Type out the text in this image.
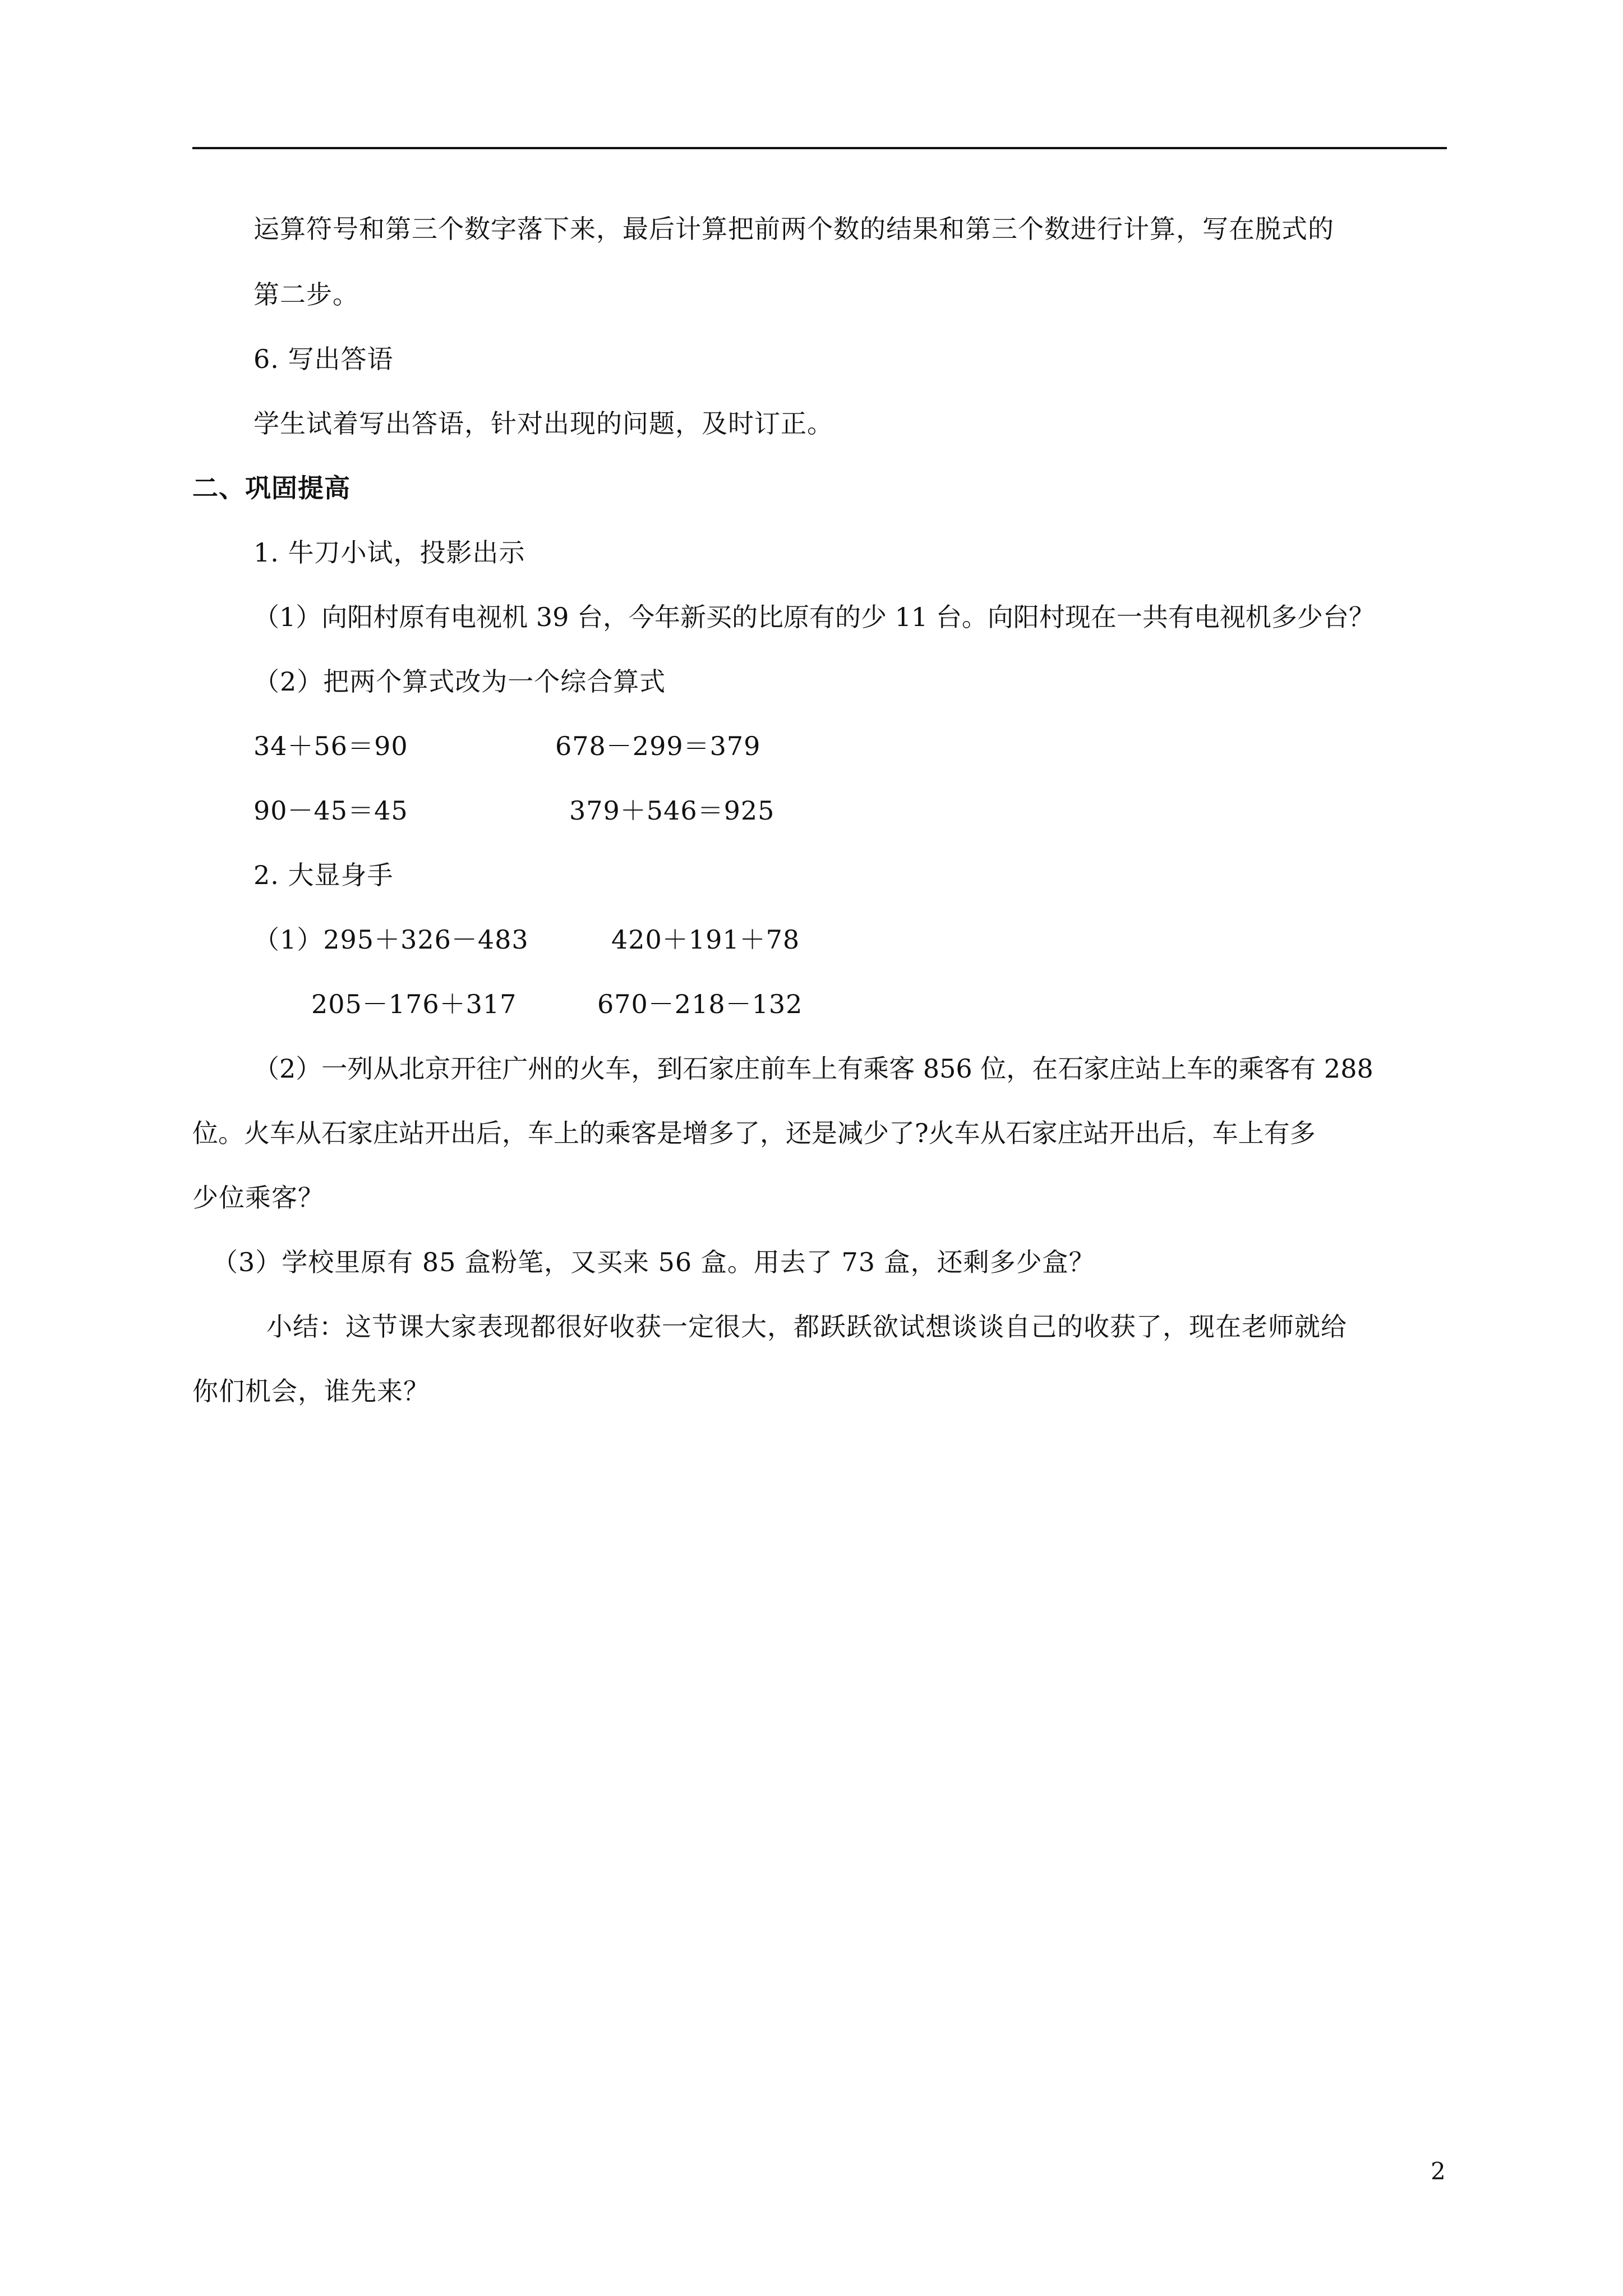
运算符号和第三个数字落下来，最后计算把前两个数的结果和第三个数进行计算，写在脱式的
第二步。
6. 写出答语
学生试着写出答语，针对出现的问题，及时订正。
二、巩固提高
1. 牛刀小试，投影出示
（1）向阳村原有电视机 39 台，今年新买的比原有的少 11 台。向阳村现在一共有电视机多少台？
（2）把两个算式改为一个综合算式
34＋56＝90	678－299＝379
90－45＝45	379＋546＝925
2. 大显身手
（1）295＋326－483	420＋191＋78
205－176＋317	670－218－132
（2）一列从北京开往广州的火车，到石家庄前车上有乘客 856 位，在石家庄站上车的乘客有 288
位。火车从石家庄站开出后，车上的乘客是增多了，还是减少了?火车从石家庄站开出后，车上有多
少位乘客？
（3）学校里原有 85 盒粉笔，又买来 56 盒。用去了 73 盒，还剩多少盒？
小结：这节课大家表现都很好收获一定很大，都跃跃欲试想谈谈自己的收获了，现在老师就给
你们机会，谁先来？
2
